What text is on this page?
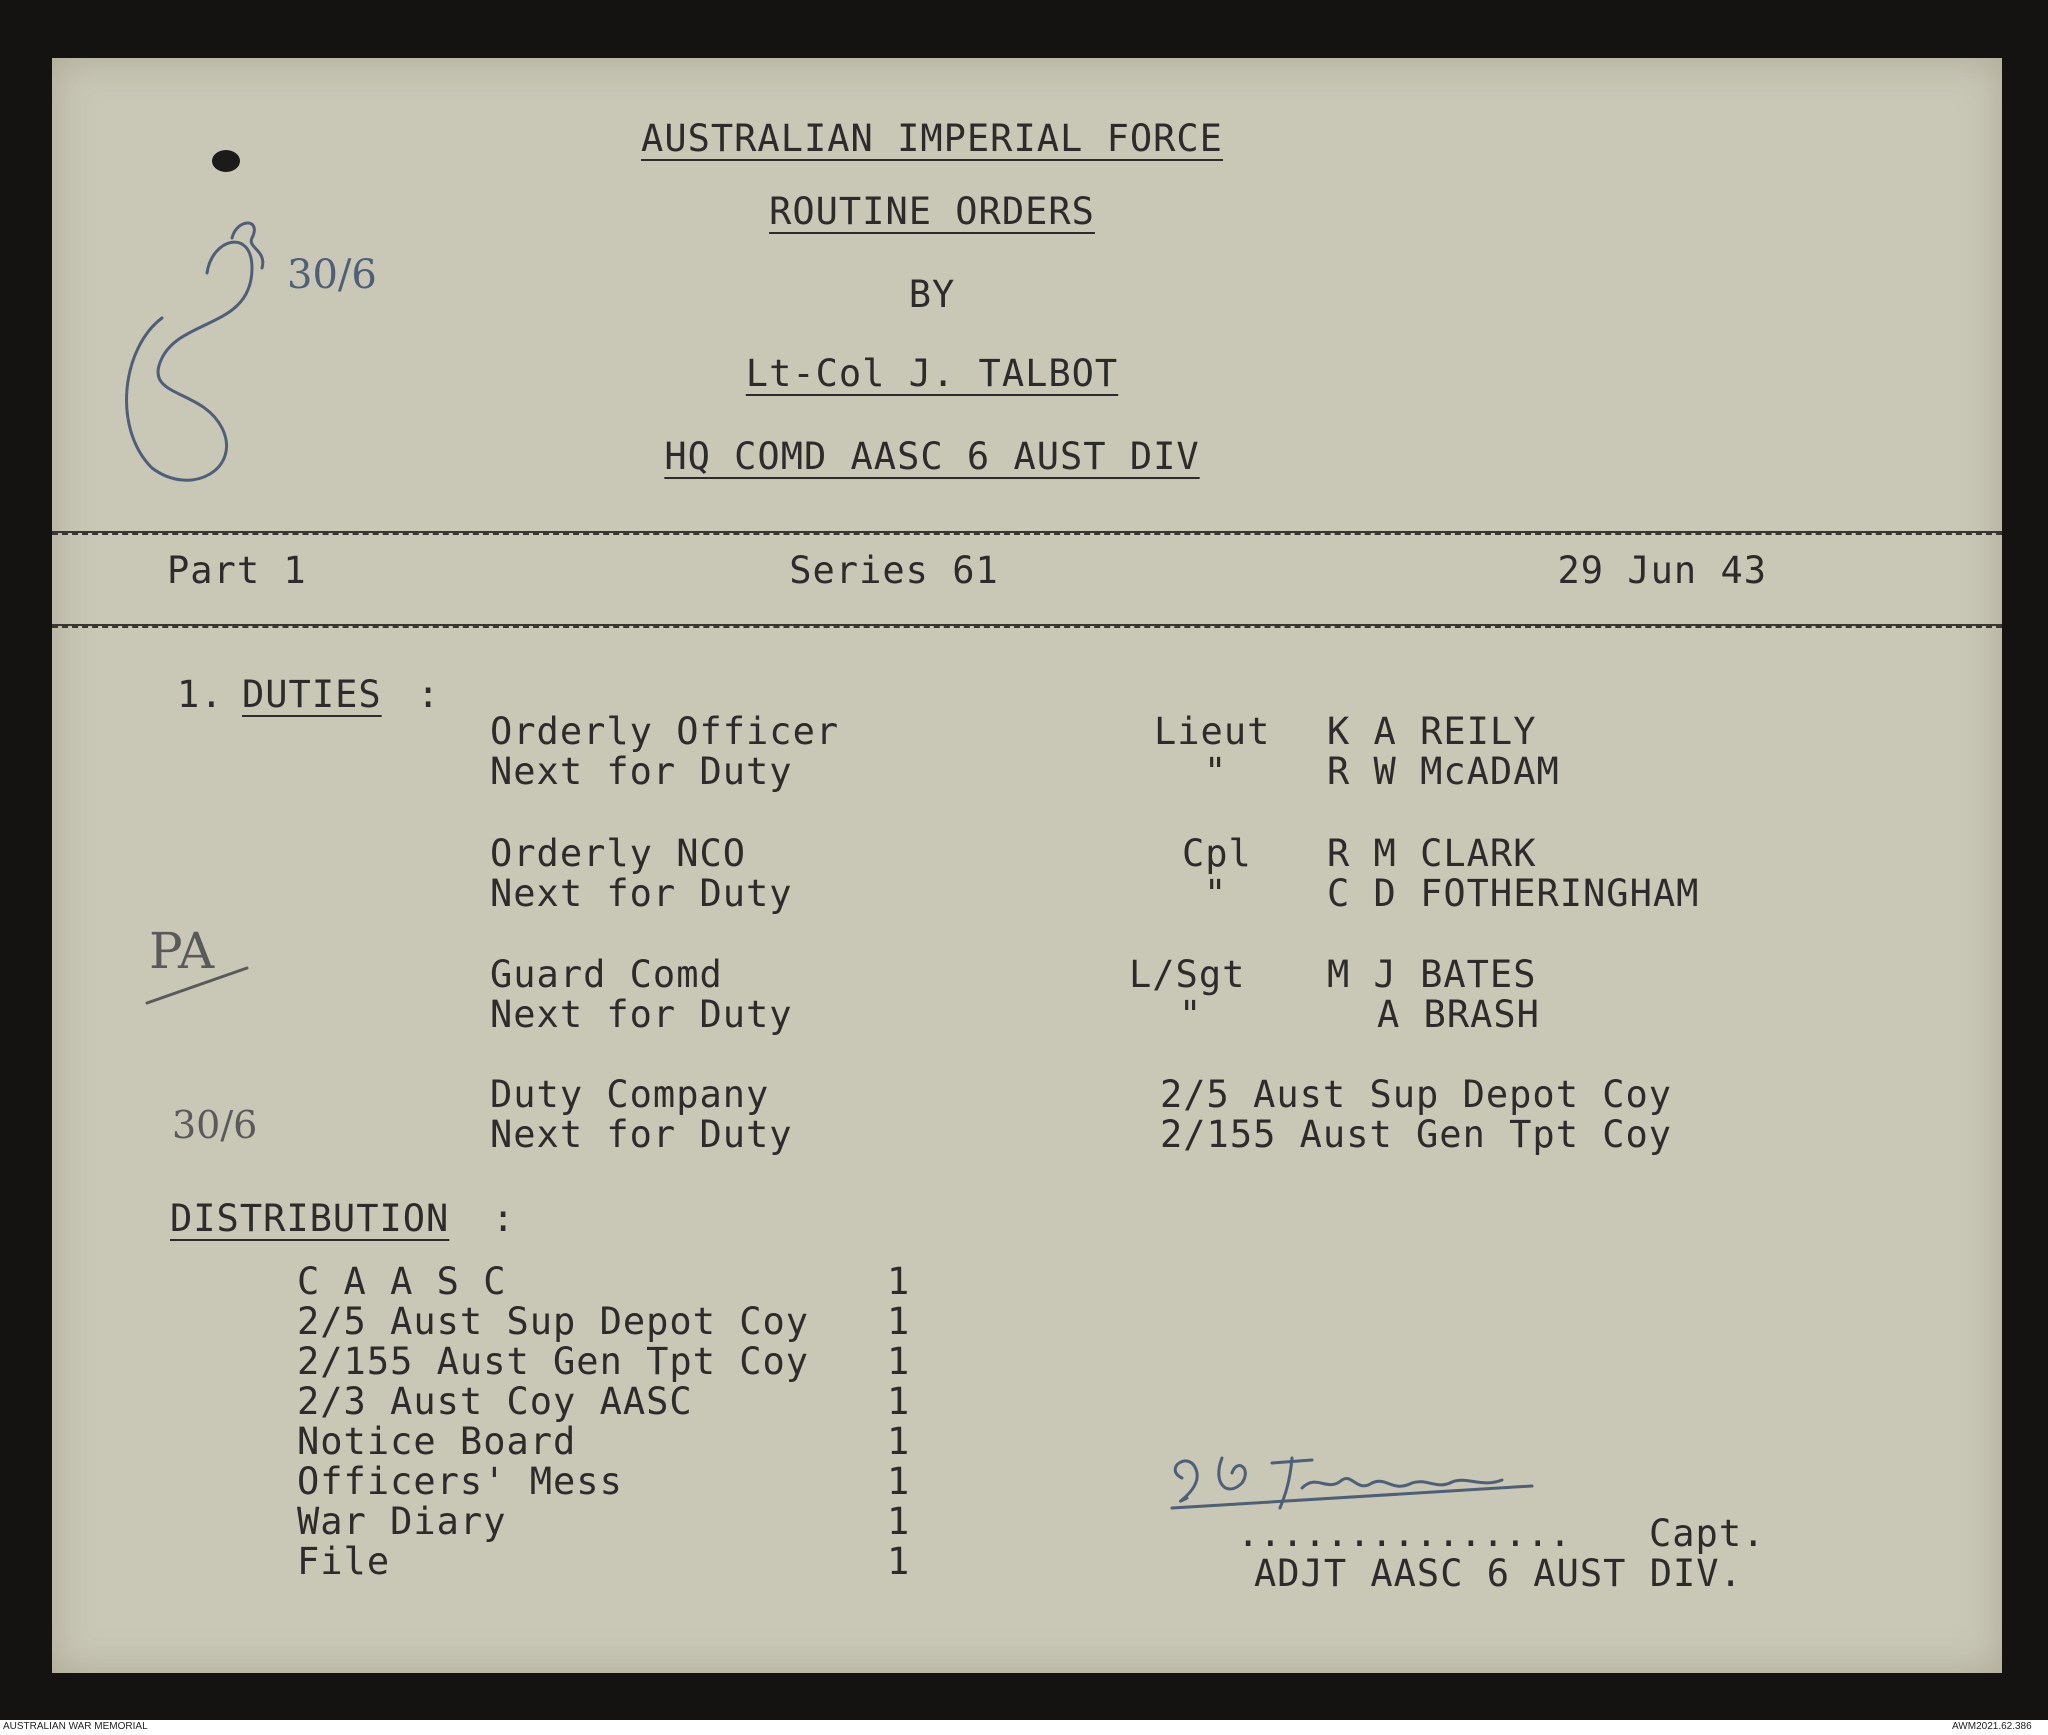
AUSTRALIAN IMPERIAL FORCE
ROUTINE ORDERS
BY
Lt-Col J. TALBOT
HQ COMD AASC 6 AUST DIV
Part 1	Series 61	29 Jun 43
1. DUTIES :
Orderly Officer	Lieut K A REILY
Next for Duty	"	R W McADAM
Orderly NCO	Cpl R M CLARK
Next for Duty	"	C D FOTHERINGHAM
Guard Comd	L/Sgt M J BATES
Next for Duty	"	A BRASH
Duty Company	2/5 Aust Sup Depot Coy
Next for Duty	2/155 Aust Gen Tpt Coy
DISTRIBUTION :
C A A S C	1
2/5 Aust Sup Depot Coy 1
2/155 Aust Gen Tpt Coy 1
2/3 Aust Coy AASC	1
Notice Board	1
Officers' Mess	1
War Diary	1
File	1
............... Capt.
ADJT AASC 6 AUST DIV.
30/6
PA
30/6
AUSTRALIAN WAR MEMORIAL	AWM2021.62.386
